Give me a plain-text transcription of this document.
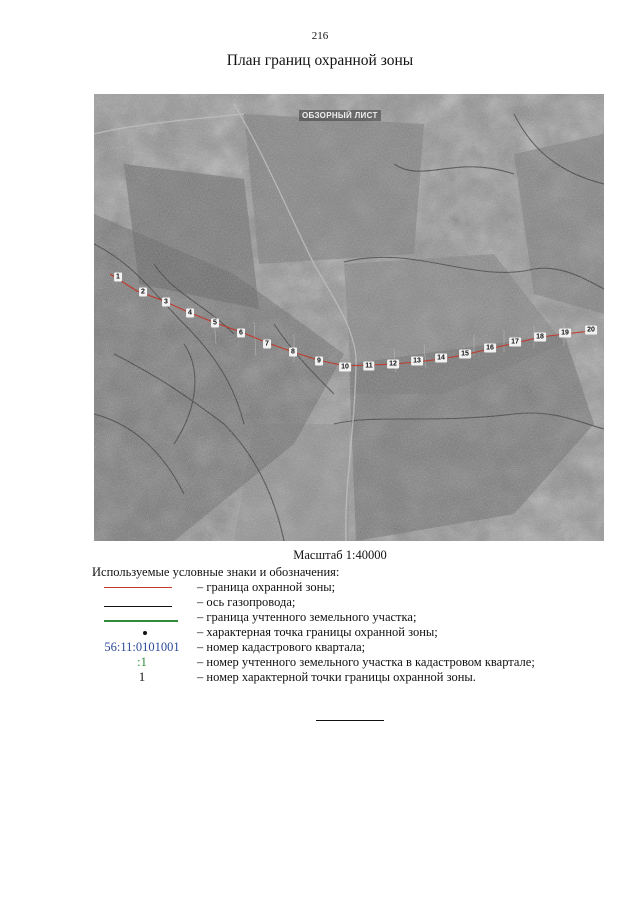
216
План границ охранной зоны
ОБЗОРНЫЙ ЛИСТ
1
2
3
4
5
6
7
8
9
10 11 12 13 14
15
16
17
18
19	20
Масштаб 1:40000
Используемые условные знаки и обозначения:
– граница охранной зоны;
– ось газопровода;
– граница учтенного земельного участка;
– характерная точка границы охранной зоны;
56:11:0101001	– номер кадастрового квартала;
:1	– номер учтенного земельного участка в кадастровом квартале;
1	– номер характерной точки границы охранной зоны.
